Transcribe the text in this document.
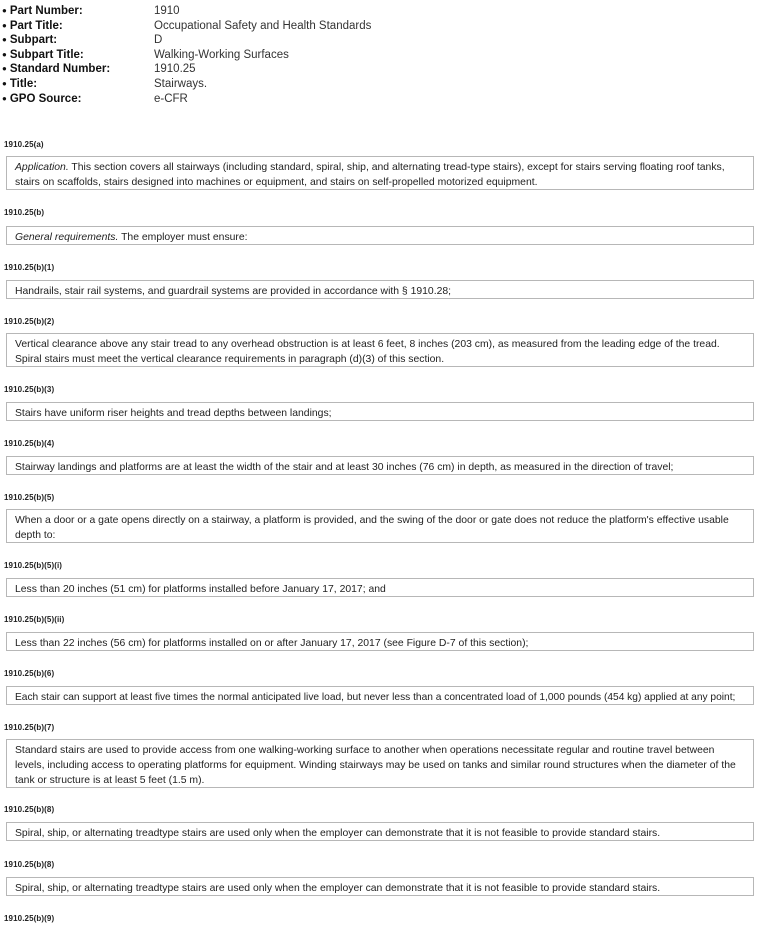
● Part Number:	1910
● Part Title:	Occupational Safety and Health Standards
● Subpart:	D
● Subpart Title:	Walking-Working Surfaces
● Standard Number:	1910.25
● Title:	Stairways.
● GPO Source:	e-CFR
1910.25(a)
Application. This section covers all stairways (including standard, spiral, ship, and alternating tread-type stairs), except for stairs serving floating roof tanks, stairs on scaffolds, stairs designed into machines or equipment, and stairs on self-propelled motorized equipment.
1910.25(b)
General requirements. The employer must ensure:
1910.25(b)(1)
Handrails, stair rail systems, and guardrail systems are provided in accordance with § 1910.28;
1910.25(b)(2)
Vertical clearance above any stair tread to any overhead obstruction is at least 6 feet, 8 inches (203 cm), as measured from the leading edge of the tread. Spiral stairs must meet the vertical clearance requirements in paragraph (d)(3) of this section.
1910.25(b)(3)
Stairs have uniform riser heights and tread depths between landings;
1910.25(b)(4)
Stairway landings and platforms are at least the width of the stair and at least 30 inches (76 cm) in depth, as measured in the direction of travel;
1910.25(b)(5)
When a door or a gate opens directly on a stairway, a platform is provided, and the swing of the door or gate does not reduce the platform's effective usable depth to:
1910.25(b)(5)(i)
Less than 20 inches (51 cm) for platforms installed before January 17, 2017; and
1910.25(b)(5)(ii)
Less than 22 inches (56 cm) for platforms installed on or after January 17, 2017 (see Figure D-7 of this section);
1910.25(b)(6)
Each stair can support at least five times the normal anticipated live load, but never less than a concentrated load of 1,000 pounds (454 kg) applied at any point;
1910.25(b)(7)
Standard stairs are used to provide access from one walking-working surface to another when operations necessitate regular and routine travel between levels, including access to operating platforms for equipment. Winding stairways may be used on tanks and similar round structures when the diameter of the tank or structure is at least 5 feet (1.5 m).
1910.25(b)(8)
Spiral, ship, or alternating treadtype stairs are used only when the employer can demonstrate that it is not feasible to provide standard stairs.
1910.25(b)(8)
Spiral, ship, or alternating treadtype stairs are used only when the employer can demonstrate that it is not feasible to provide standard stairs.
1910.25(b)(9)
